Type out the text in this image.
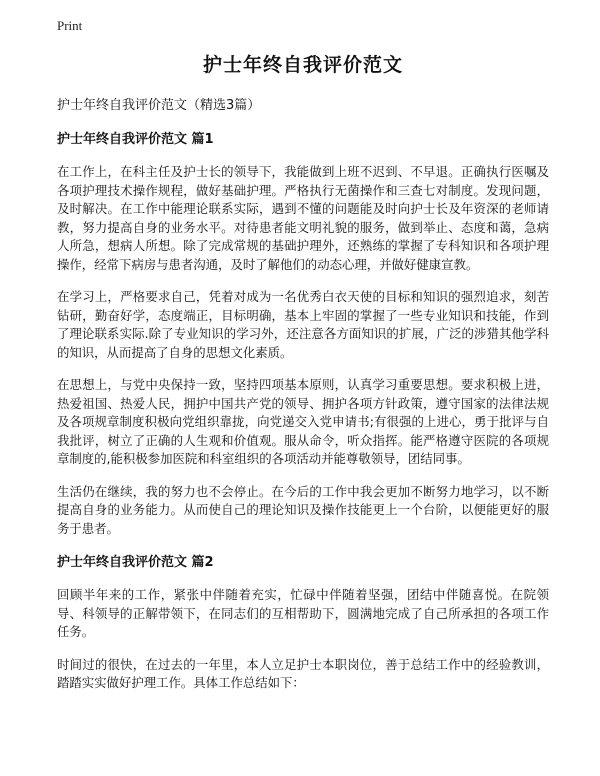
Print
护士年终自我评价范文

护士年终自我评价范文（精选3篇）

护士年终自我评价范文 篇1

在工作上，在科主任及护士长的领导下，我能做到上班不迟到、不早退。正确执行医嘱及各项护理技术操作规程，做好基础护理。严格执行无菌操作和三查七对制度。发现问题，及时解决。在工作中能理论联系实际，遇到不懂的问题能及时向护士长及年资深的老师请教，努力提高自身的业务水平。对待患者能文明礼貌的服务，做到举止、态度和蔼，急病人所急，想病人所想。除了完成常规的基础护理外，还熟练的掌握了专科知识和各项护理操作，经常下病房与患者沟通，及时了解他们的动态心理，并做好健康宣教。

在学习上，严格要求自己，凭着对成为一名优秀白衣天使的目标和知识的强烈追求，刻苦钻研，勤奋好学，态度端正，目标明确，基本上牢固的掌握了一些专业知识和技能，作到了理论联系实际.除了专业知识的学习外，还注意各方面知识的扩展，广泛的涉猎其他学科的知识，从而提高了自身的思想文化素质。

在思想上，与党中央保持一致，坚持四项基本原则，认真学习重要思想。要求积极上进，热爱祖国、热爱人民，拥护中国共产党的领导、拥护各项方针政策，遵守国家的法律法规及各项规章制度积极向党组织靠拢，向党递交入党申请书;有很强的上进心，勇于批评与自我批评，树立了正确的人生观和价值观。服从命令，听众指挥。能严格遵守医院的各项规章制度的,能积极参加医院和科室组织的各项活动并能尊敬领导，团结同事。

生活仍在继续，我的努力也不会停止。在今后的工作中我会更加不断努力地学习，以不断提高自身的业务能力。从而使自己的理论知识及操作技能更上一个台阶，以便能更好的服务于患者。

护士年终自我评价范文 篇2

回顾半年来的工作，紧张中伴随着充实，忙碌中伴随着坚强，团结中伴随喜悦。在院领导、科领导的正解带领下，在同志们的互相帮助下，圆满地完成了自己所承担的各项工作任务。

时间过的很快，在过去的一年里，本人立足护士本职岗位，善于总结工作中的经验教训，踏踏实实做好护理工作。具体工作总结如下：
